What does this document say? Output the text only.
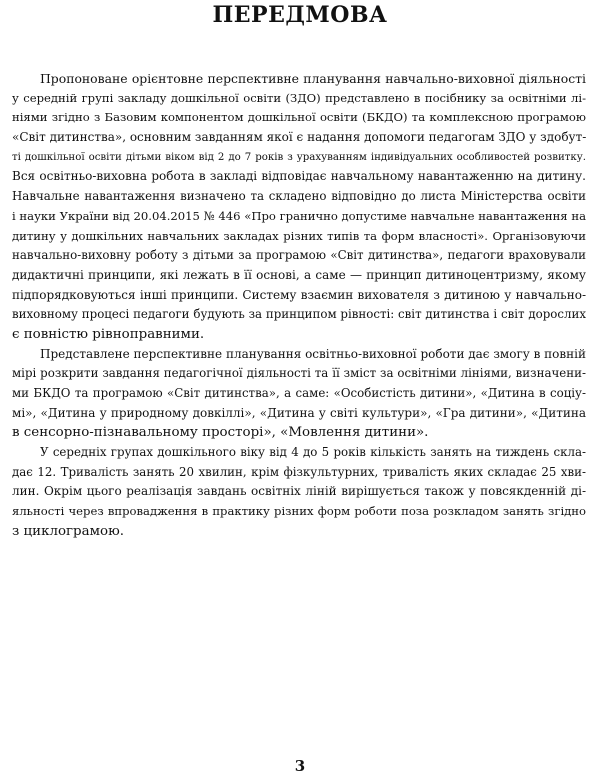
ПЕРЕДМОВА
Пропоноване орієнтовне перспективне планування навчально-виховної діяльності
у середній групі закладу дошкільної освіти (ЗДО) представлено в посібнику за освітніми лі-
ніями згідно з Базовим компонентом дошкільної освіти (БКДО) та комплексною програмою
«Світ дитинства», основним завданням якої є надання допомоги педагогам ЗДО у здобут-
ті дошкільної освіти дітьми віком від 2 до 7 років з урахуванням індивідуальних особливостей розвитку.
Вся освітньо-виховна робота в закладі відповідає навчальному навантаженню на дитину.
Навчальне навантаження визначено та складено відповідно до листа Міністерства освіти
і науки України від 20.04.2015 № 446 «Про гранично допустиме навчальне навантаження на
дитину у дошкільних навчальних закладах різних типів та форм власності». Організовуючи
навчально-виховну роботу з дітьми за програмою «Світ дитинства», педагоги враховували
дидактичні принципи, які лежать в її основі, а саме — принцип дитиноцентризму, якому
підпорядковуються інші принципи. Систему взаємин вихователя з дитиною у навчально-
виховному процесі педагоги будують за принципом рівності: світ дитинства і світ дорослих
є повністю рівноправними.
Представлене перспективне планування освітньо-виховної роботи дає змогу в повній
мірі розкрити завдання педагогічної діяльності та її зміст за освітніми лініями, визначени-
ми БКДО та програмою «Світ дитинства», а саме: «Особистість дитини», «Дитина в соціу-
мі», «Дитина у природному довкіллі», «Дитина у світі культури», «Гра дитини», «Дитина
в сенсорно-пізнавальному просторі», «Мовлення дитини».
У середніх групах дошкільного віку від 4 до 5 років кількість занять на тиждень скла-
дає 12. Тривалість занять 20 хвилин, крім фізкультурних, тривалість яких складає 25 хви-
лин. Окрім цього реалізація завдань освітніх ліній вирішується також у повсякденній ді-
яльності через впровадження в практику різних форм роботи поза розкладом занять згідно
з циклограмою.
3
